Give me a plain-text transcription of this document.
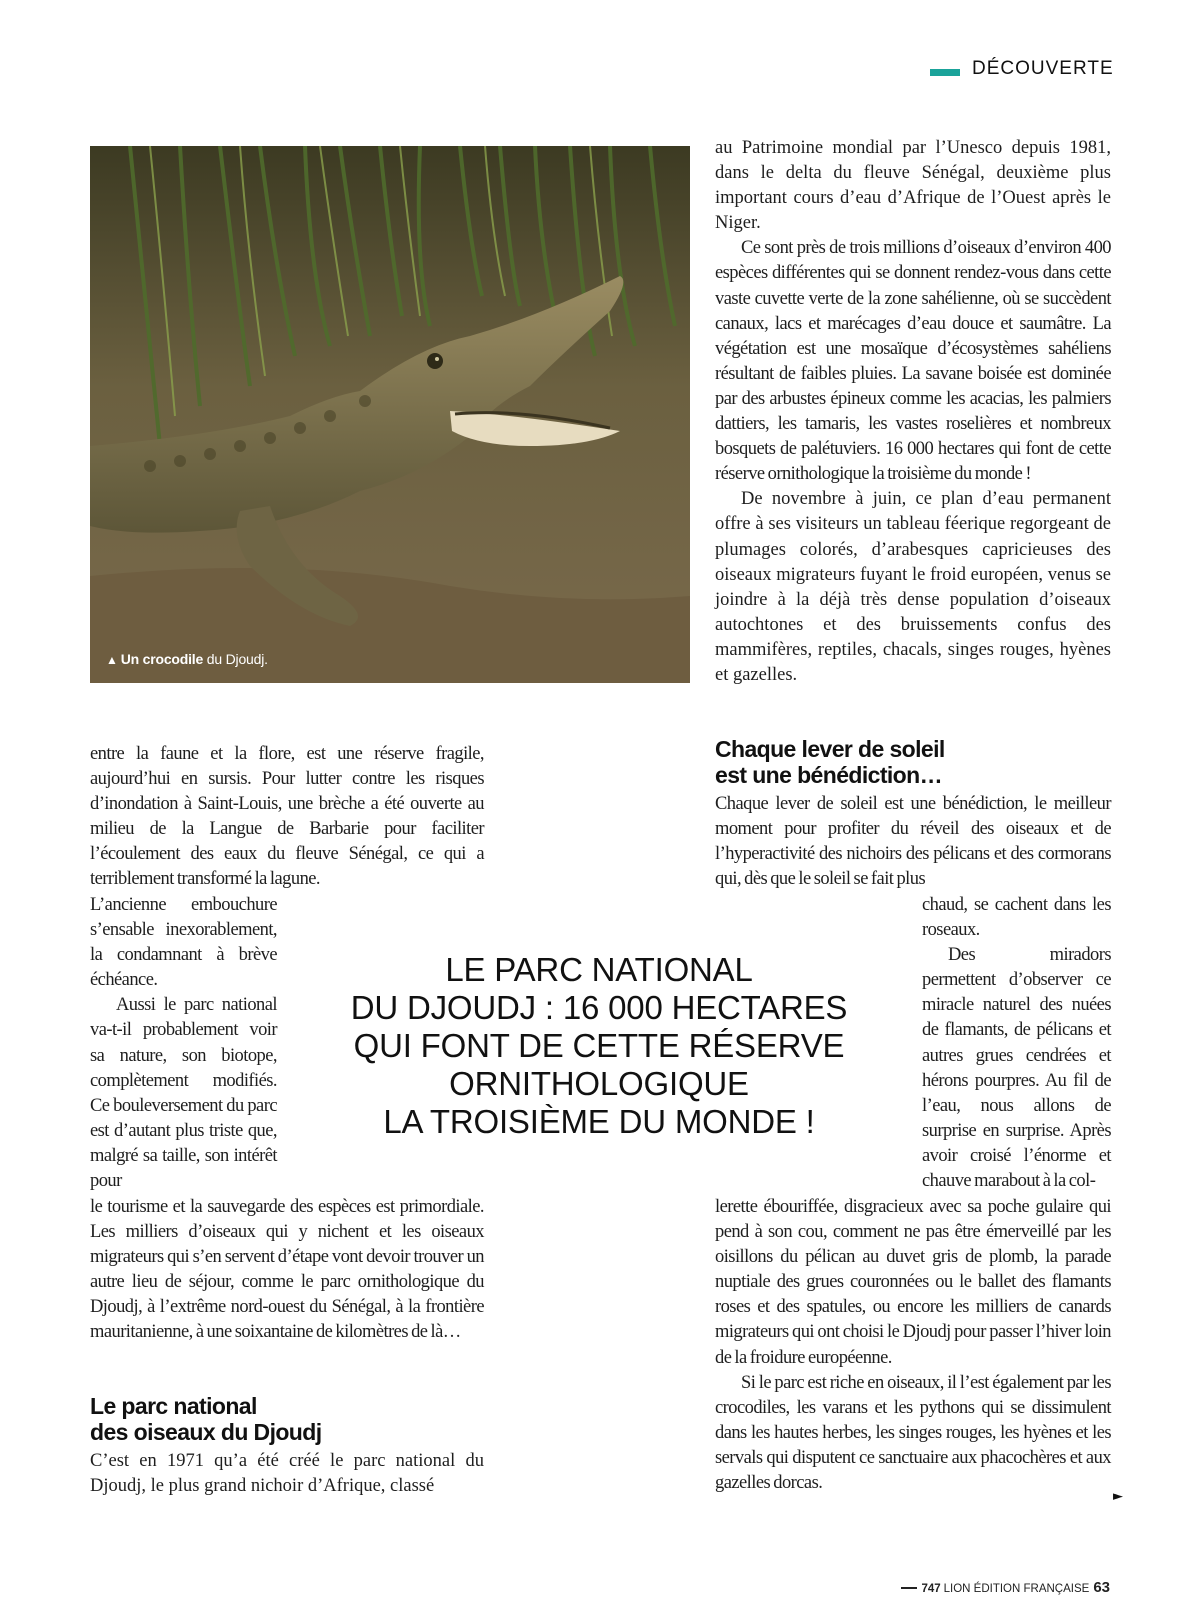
DÉCOUVERTE
▲ Un crocodile du Djoudj.

au Patrimoine mondial par l’Unesco depuis 1981, dans le delta du fleuve Sénégal, deuxième plus important cours d’eau d’Afrique de l’Ouest après le Niger.

Ce sont près de trois millions d’oiseaux d’environ 400 espèces différentes qui se donnent rendez-vous dans cette vaste cuvette verte de la zone sahélienne, où se succèdent canaux, lacs et marécages d’eau douce et saumâtre. La végétation est une mosaïque d’écosystèmes sahéliens résultant de faibles pluies. La savane boisée est dominée par des arbustes épineux comme les acacias, les palmiers dattiers, les tamaris, les vastes roselières et nombreux bosquets de palétuviers. 16 000 hectares qui font de cette réserve ornithologique la troisième du monde !

De novembre à juin, ce plan d’eau permanent offre à ses visiteurs un tableau féerique regorgeant de plumages colorés, d’arabesques capricieuses des oiseaux migrateurs fuyant le froid européen, venus se joindre à la déjà très dense population d’oiseaux autochtones et des bruissements confus des mammifères, reptiles, chacals, singes rouges, hyènes et gazelles.

Chaque lever de soleil

est une bénédiction…

Chaque lever de soleil est une bénédiction, le meilleur moment pour profiter du réveil des oiseaux et de l’hyperactivité des nichoirs des pélicans et des cormorans qui, dès que le soleil se fait plus

chaud, se cachent dans les roseaux.

Des miradors permettent d’observer ce miracle naturel des nuées de flamants, de pélicans et autres grues cendrées et hérons pourpres. Au fil de l’eau, nous allons de surprise en surprise. Après avoir croisé l’énorme et chauve marabout à la col-

lerette ébouriffée, disgracieux avec sa poche gulaire qui pend à son cou, comment ne pas être émerveillé par les oisillons du pélican au duvet gris de plomb, la parade nuptiale des grues couronnées ou le ballet des flamants roses et des spatules, ou encore les milliers de canards migrateurs qui ont choisi le Djoudj pour passer l’hiver loin de la froidure européenne.

Si le parc est riche en oiseaux, il l’est également par les crocodiles, les varans et les pythons qui se dissimulent dans les hautes herbes, les singes rouges, les hyènes et les servals qui disputent ce sanctuaire aux phacochères et aux gazelles dorcas.

entre la faune et la flore, est une réserve fragile, aujourd’hui en sursis. Pour lutter contre les risques d’inondation à Saint-Louis, une brèche a été ouverte au milieu de la Langue de Barbarie pour faciliter l’écoulement des eaux du fleuve Sénégal, ce qui a terriblement transformé la lagune.

L’ancienne embouchure s’ensable inexorablement, la condamnant à brève échéance.

Aussi le parc national va-t-il probablement voir sa nature, son biotope, complètement modifiés. Ce bouleversement du parc est d’autant plus triste que, malgré sa taille, son intérêt pour

le tourisme et la sauvegarde des espèces est primordiale. Les milliers d’oiseaux qui y nichent et les oiseaux migrateurs qui s’en servent d’étape vont devoir trouver un autre lieu de séjour, comme le parc ornithologique du Djoudj, à l’extrême nord-ouest du Sénégal, à la frontière mauritanienne, à une soixantaine de kilomètres de là…

Le parc national

des oiseaux du Djoudj

C’est en 1971 qu’a été créé le parc national du Djoudj, le plus grand nichoir d’Afrique, classé

LE PARC NATIONAL
DU DJOUDJ : 16 000 HECTARES
QUI FONT DE CETTE RÉSERVE
ORNITHOLOGIQUE
LA TROISIÈME DU MONDE !
►
747 LION ÉDITION FRANÇAISE 63
